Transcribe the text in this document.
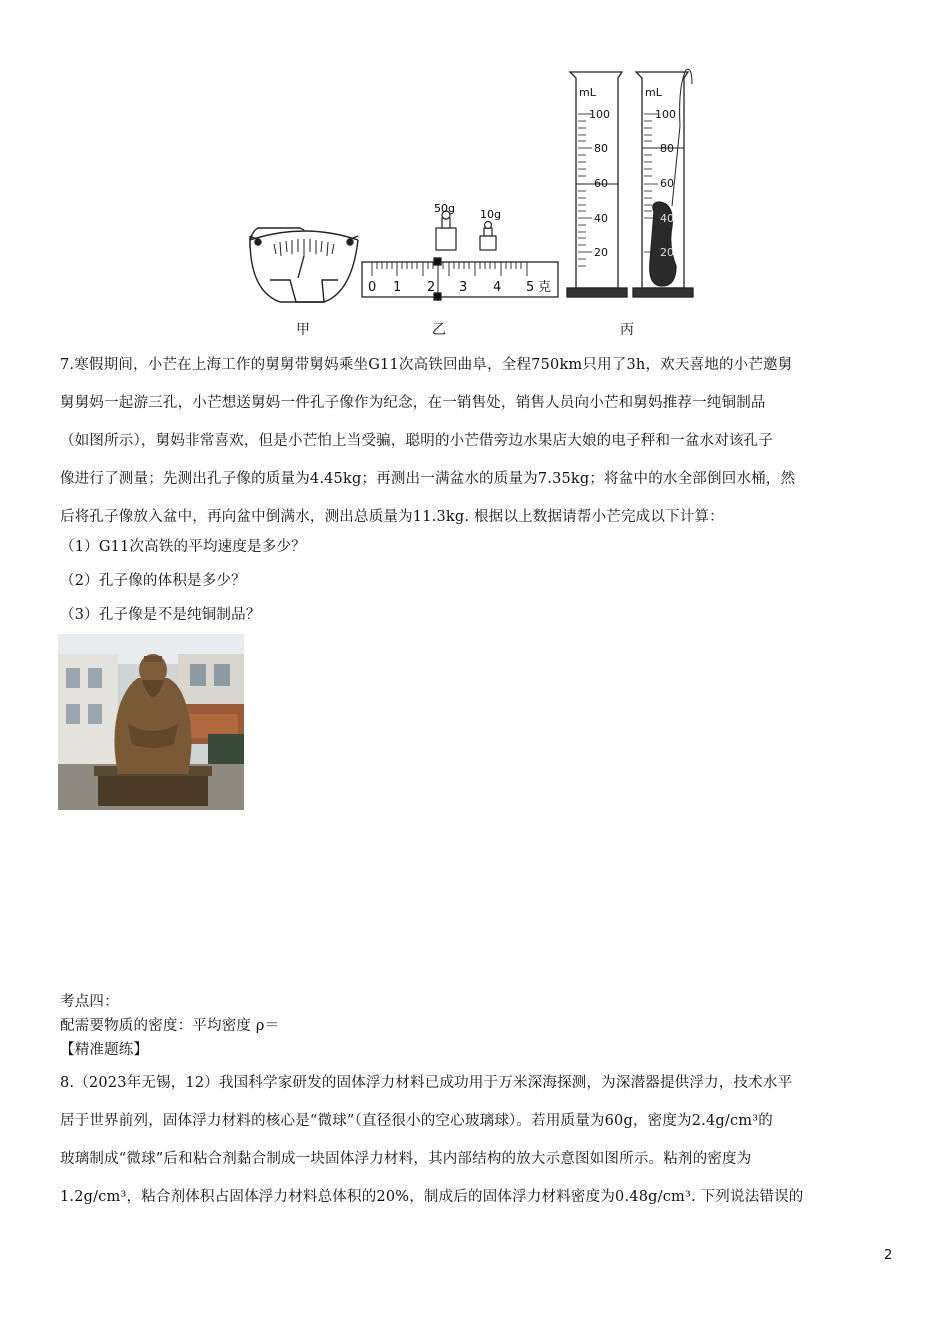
50g 10g
0 1 2 3 4 5 克
mL
100
80
60
40
20
mL
100
80
60
40
20
甲	乙	丙
7.寒假期间，小芒在上海工作的舅舅带舅妈乘坐G11次高铁回曲阜，全程750km只用了3h，欢天喜地的小芒邀舅
舅舅妈一起游三孔，小芒想送舅妈一件孔子像作为纪念，在一销售处，销售人员向小芒和舅妈推荐一纯铜制品
（如图所示），舅妈非常喜欢，但是小芒怕上当受骗，聪明的小芒借旁边水果店大娘的电子秤和一盆水对该孔子
像进行了测量；先测出孔子像的质量为4.45kg；再测出一满盆水的质量为7.35kg；将盆中的水全部倒回水桶，然
后将孔子像放入盆中，再向盆中倒满水，测出总质量为11.3kg. 根据以上数据请帮小芒完成以下计算：
（1）G11次高铁的平均速度是多少？
（2）孔子像的体积是多少？
（3）孔子像是不是纯铜制品？
考点四：
配需要物质的密度：平均密度 ρ＝
【精准题练】
8.（2023年无锡，12）我国科学家研发的固体浮力材料已成功用于万米深海探测，为深潜器提供浮力，技术水平
居于世界前列，固体浮力材料的核心是“微球”（直径很小的空心玻璃球）。若用质量为60g，密度为2.4g/cm³的
玻璃制成“微球”后和粘合剂黏合制成一块固体浮力材料，其内部结构的放大示意图如图所示。粘剂的密度为
1.2g/cm³，粘合剂体积占固体浮力材料总体积的20%，制成后的固体浮力材料密度为0.48g/cm³. 下列说法错误的
2
